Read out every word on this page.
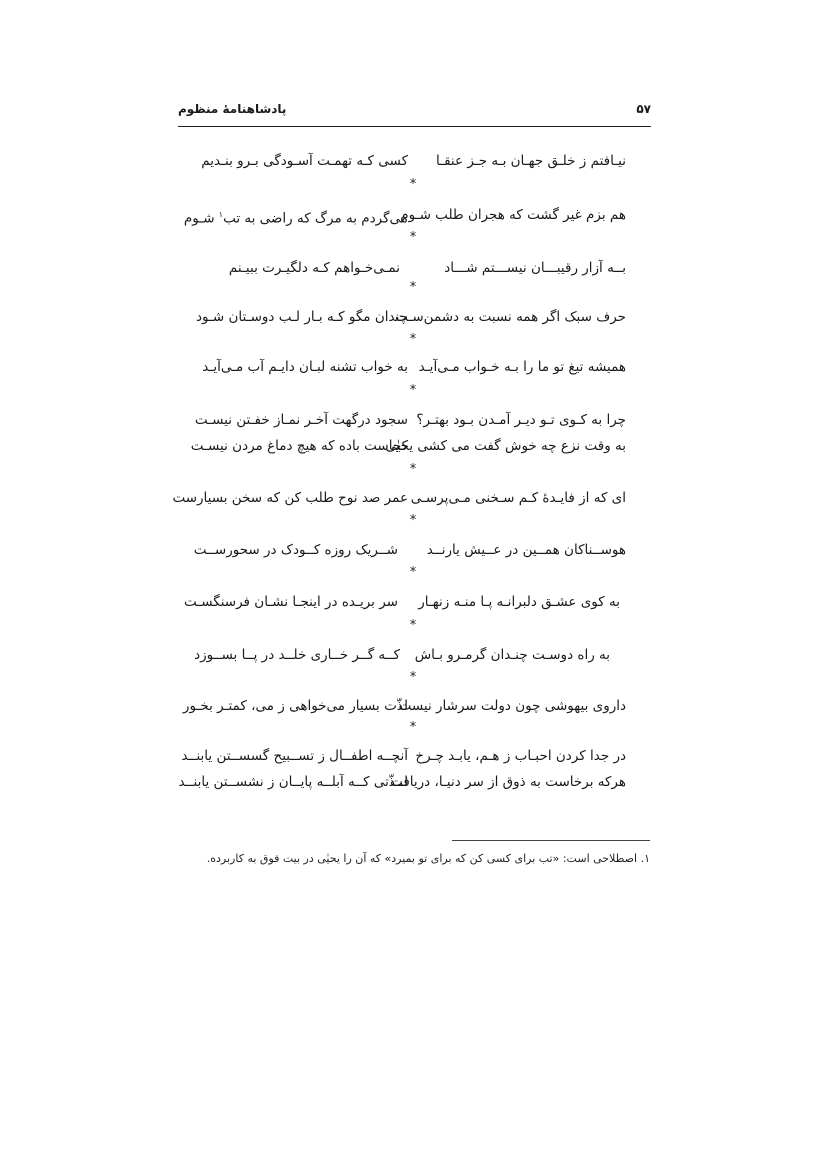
پادشاهنامهٔ منظوم	۵۷
نیـافتم ز خلـق جهـان بـه جـز عنقـا
کسی کـه تهمـت آسـودگی بـرو بنـدیم
*
هم بزم غیر گشت که هجران طلب شـوم
می‌گردم به مرگ که راضی به تب$^۱$ شـوم
*
بــه آزار رقیبـــان نیســـتم شـــاد
نمـی‌خـواهم کـه دلگیـرت ببیـنم
*
حرف سبک اگر همه نسبت به دشمن‌سـت
چندان مگو کـه بـار لـب دوسـتان شـود
*
همیشه تیغ تو ما را بـه خـواب مـی‌آیـد
به خواب تشنه لبـان دایـم آب مـی‌آیـد
*
چرا به کـوی تـو دیـر آمـدن بـود بهتـر؟
سجود درگهت آخـر نمـاز خفـتن نیسـت
به وقت نزع چه خوش گفت می کشی یحیٰی
کجاست باده که هیچ دماغ مردن نیسـت
*
ای که از فایـدهٔ کـم سـخنی مـی‌پرسـی
عمر صد نوح طلب کن که سخن بسیارست
*
هوســناکان همــین در عــیش یارنــد
شــریک روزه کــودک در سحورســت
*
به کوی عشـق دلبرانـه پـا منـه زنهـار
سر بریـده در اینجـا نشـان فرسنگسـت
*
به راه دوسـت چنـدان گرمـرو بـاش
کــه گــر خــاری خلــد در پــا بســوزد
*
داروی بیهوشی چون دولت سرشار نیست
لذّت بسیار می‌خواهی ز می، کمتـر بخـور
*
در جدا کردن احبـاب ز هـم، یابـد چـرخ
آنچــه اطفــال ز تســبیح گسســتن یابنــد
هرکه برخاست به ذوق از سر دنیـا، دریافت
لــذّتی کــه آبلــه پایــان ز نشســتن یابنــد
۱. اصطلاحی است: «تب برای کسی کن که برای تو بمیرد» که آن را یحیٰی در بیت فوق به کاربرده.
